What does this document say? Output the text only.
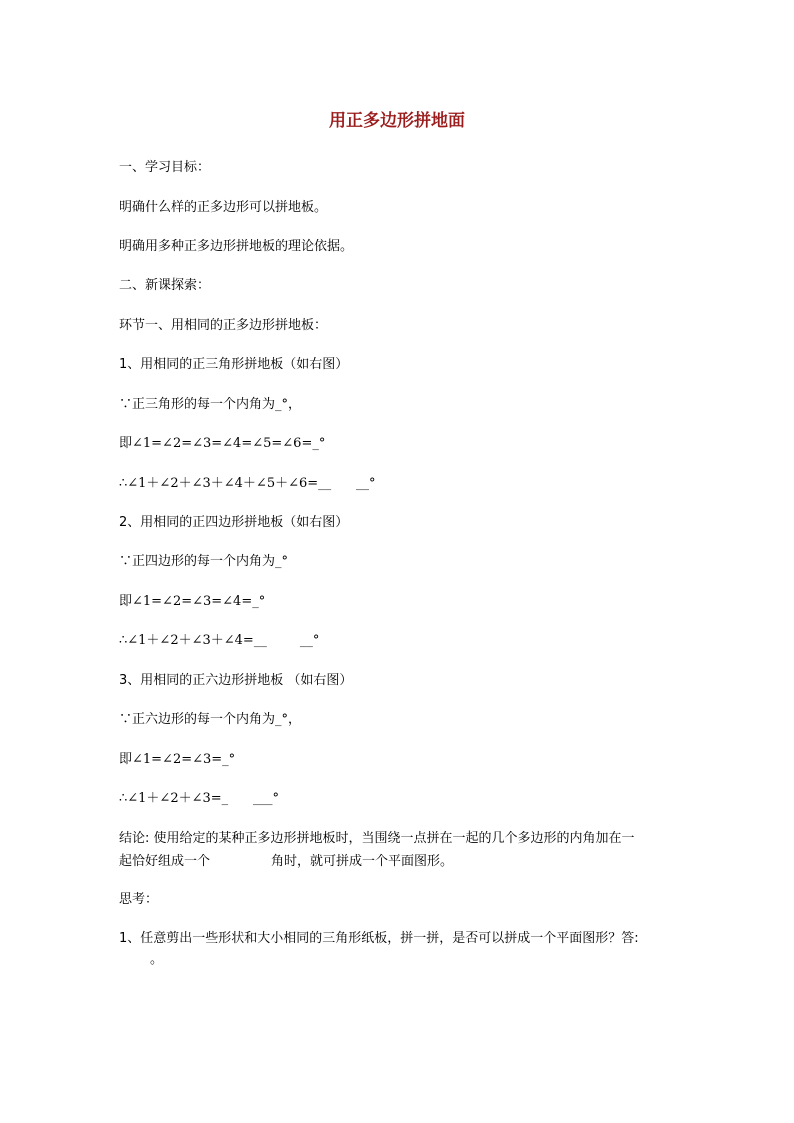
用正多边形拼地面
一、学习目标：
明确什么样的正多边形可以拼地板。
明确用多种正多边形拼地板的理论依据。
二、新课探索：
环节一、用相同的正多边形拼地板：
1、用相同的正三角形拼地板（如右图）
∵正三角形的每一个内角为_°，
即∠1=∠2=∠3=∠4=∠5=∠6=_°
∴∠1＋∠2＋∠3＋∠4＋∠5＋∠6=__      __°
2、用相同的正四边形拼地板（如右图）
∵正四边形的每一个内角为_°
即∠1=∠2=∠3=∠4=_°
∴∠1＋∠2＋∠3＋∠4=__        __°
3、用相同的正六边形拼地板 （如右图）
∵正六边形的每一个内角为_°，
即∠1=∠2=∠3=_°
∴∠1＋∠2＋∠3=_      ___°
结论: 使用给定的某种正多边形拼地板时，当围绕一点拼在一起的几个多边形的内角加在一
起恰好组成一个	角时，就可拼成一个平面图形。
思考：
1、任意剪出一些形状和大小相同的三角形纸板，拼一拼，是否可以拼成一个平面图形？答:
。
